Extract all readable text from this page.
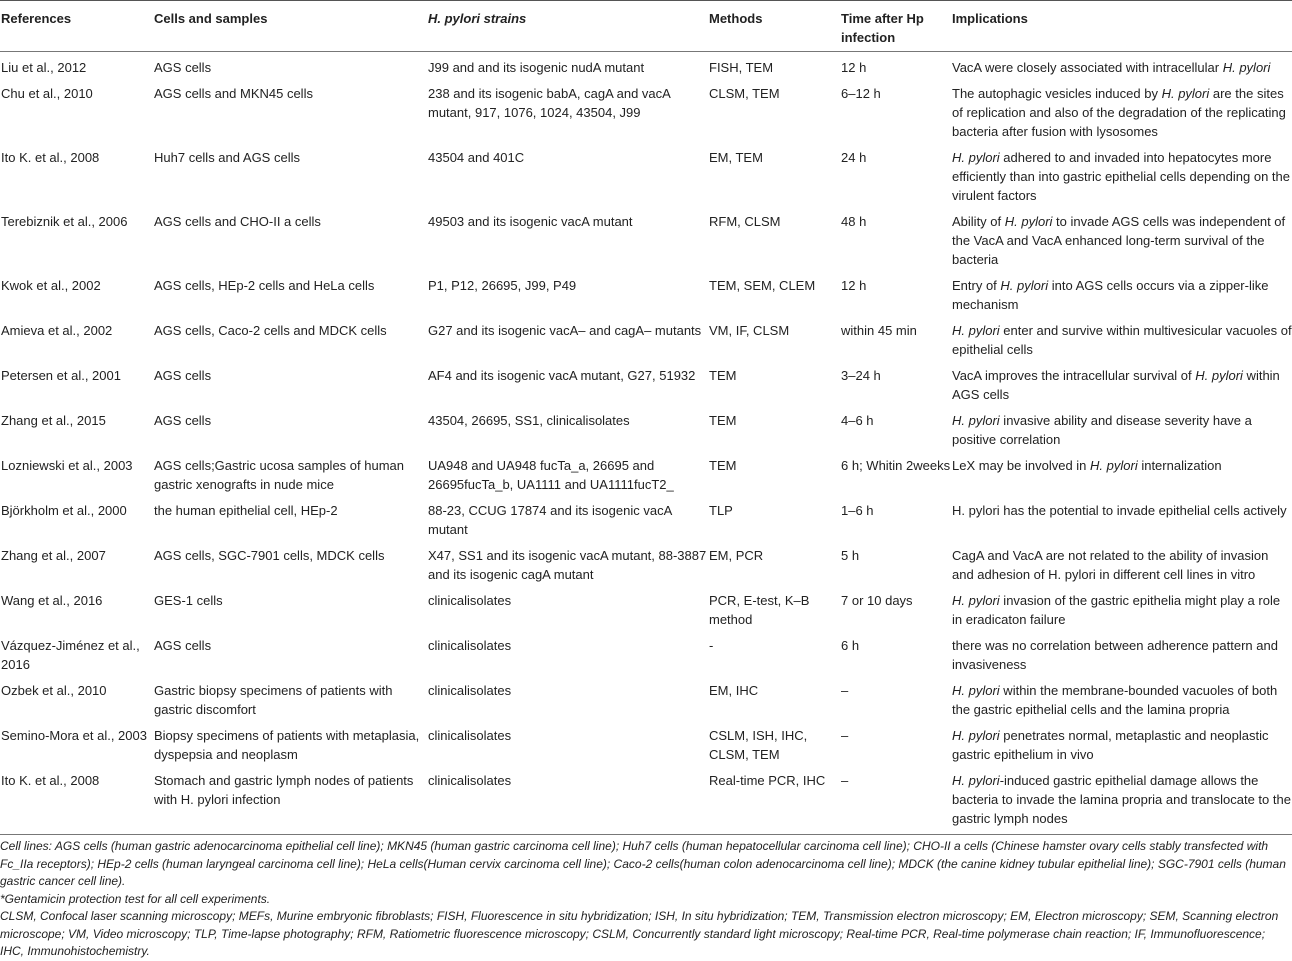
References	Cells and samples	H. pylori strains	Methods	Time after Hp infection	Implications
Liu et al., 2012	AGS cells	J99 and and its isogenic nudA mutant	FISH, TEM	12 h	VacA were closely associated with intracellular H. pylori
Chu et al., 2010	AGS cells and MKN45 cells	238 and its isogenic babA, cagA and vacA mutant, 917, 1076, 1024, 43504, J99	CLSM, TEM	6–12 h	The autophagic vesicles induced by H. pylori are the sites of replication and also of the degradation of the replicating bacteria after fusion with lysosomes
Ito K. et al., 2008	Huh7 cells and AGS cells	43504 and 401C	EM, TEM	24 h	H. pylori adhered to and invaded into hepatocytes more efficiently than into gastric epithelial cells depending on the virulent factors
Terebiznik et al., 2006	AGS cells and CHO-II a cells	49503 and its isogenic vacA mutant	RFM, CLSM	48 h	Ability of H. pylori to invade AGS cells was independent of the VacA and VacA enhanced long-term survival of the bacteria
Kwok et al., 2002	AGS cells, HEp-2 cells and HeLa cells	P1, P12, 26695, J99, P49	TEM, SEM, CLEM	12 h	Entry of H. pylori into AGS cells occurs via a zipper-like mechanism
Amieva et al., 2002	AGS cells, Caco-2 cells and MDCK cells	G27 and its isogenic vacA– and cagA– mutants	VM, IF, CLSM	within 45 min	H. pylori enter and survive within multivesicular vacuoles of epithelial cells
Petersen et al., 2001	AGS cells	AF4 and its isogenic vacA mutant, G27, 51932	TEM	3–24 h	VacA improves the intracellular survival of H. pylori within AGS cells
Zhang et al., 2015	AGS cells	43504, 26695, SS1, clinicalisolates	TEM	4–6 h	H. pylori invasive ability and disease severity have a positive correlation
Lozniewski et al., 2003	AGS cells;Gastric ucosa samples of human gastric xenografts in nude mice	UA948 and UA948 fucTa_a, 26695 and 26695fucTa_b, UA1111 and UA1111fucT2_	TEM	6 h; Whitin 2weeks	LeX may be involved in H. pylori internalization
Björkholm et al., 2000	the human epithelial cell, HEp-2	88-23, CCUG 17874 and its isogenic vacA mutant	TLP	1–6 h	H. pylori has the potential to invade epithelial cells actively
Zhang et al., 2007	AGS cells, SGC-7901 cells, MDCK cells	X47, SS1 and its isogenic vacA mutant, 88-3887 and its isogenic cagA mutant	EM, PCR	5 h	CagA and VacA are not related to the ability of invasion and adhesion of H. pylori in different cell lines in vitro
Wang et al., 2016	GES-1 cells	clinicalisolates	PCR, E-test, K–B method	7 or 10 days	H. pylori invasion of the gastric epithelia might play a role in eradicaton failure
Vázquez-Jiménez et al., 2016	AGS cells	clinicalisolates	-	6 h	there was no correlation between adherence pattern and invasiveness
Ozbek et al., 2010	Gastric biopsy specimens of patients with gastric discomfort	clinicalisolates	EM, IHC	–	H. pylori within the membrane-bounded vacuoles of both the gastric epithelial cells and the lamina propria
Semino-Mora et al., 2003	Biopsy specimens of patients with metaplasia, dyspepsia and neoplasm	clinicalisolates	CSLM, ISH, IHC, CLSM, TEM	–	H. pylori penetrates normal, metaplastic and neoplastic gastric epithelium in vivo
Ito K. et al., 2008	Stomach and gastric lymph nodes of patients with H. pylori infection	clinicalisolates	Real-time PCR, IHC	–	H. pylori-induced gastric epithelial damage allows the bacteria to invade the lamina propria and translocate to the gastric lymph nodes

Cell lines: AGS cells (human gastric adenocarcinoma epithelial cell line); MKN45 (human gastric carcinoma cell line); Huh7 cells (human hepatocellular carcinoma cell line); CHO-II a cells (Chinese hamster ovary cells stably transfected with Fc_IIa receptors); HEp-2 cells (human laryngeal carcinoma cell line); HeLa cells(Human cervix carcinoma cell line); Caco-2 cells(human colon adenocarcinoma cell line); MDCK (the canine kidney tubular epithelial line); SGC-7901 cells (human gastric cancer cell line).

*Gentamicin protection test for all cell experiments.

CLSM, Confocal laser scanning microscopy; MEFs, Murine embryonic fibroblasts; FISH, Fluorescence in situ hybridization; ISH, In situ hybridization; TEM, Transmission electron microscopy; EM, Electron microscopy; SEM, Scanning electron microscope; VM, Video microscopy; TLP, Time-lapse photography; RFM, Ratiometric fluorescence microscopy; CSLM, Concurrently standard light microscopy; Real-time PCR, Real-time polymerase chain reaction; IF, Immunofluorescence; IHC, Immunohistochemistry.
